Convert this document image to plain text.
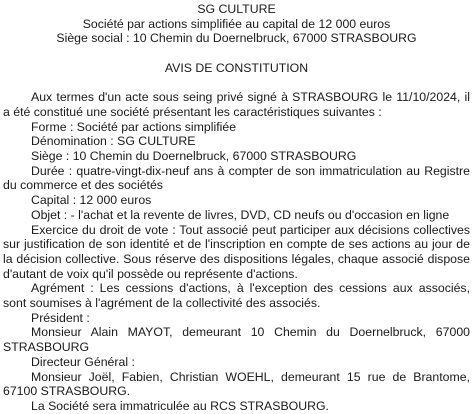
SG CULTURE

Société par actions simplifiée au capital de 12 000 euros

Siège social : 10 Chemin du Doernelbruck, 67000 STRASBOURG

AVIS DE CONSTITUTION

Aux termes d'un acte sous seing privé signé à STRASBOURG le 11/10/2024, il a été constitué une société présentant les caractéristiques suivantes :

Forme : Société par actions simplifiée

Dénomination : SG CULTURE

Siège : 10 Chemin du Doernelbruck, 67000 STRASBOURG

Durée : quatre-vingt-dix-neuf ans à compter de son immatriculation au Registre du commerce et des sociétés

Capital : 12 000 euros

Objet : - l'achat et la revente de livres, DVD, CD neufs ou d'occasion en ligne

Exercice du droit de vote : Tout associé peut participer aux décisions collectives sur justification de son identité et de l'inscription en compte de ses actions au jour de la décision collective. Sous réserve des dispositions légales, chaque associé dispose d'autant de voix qu'il possède ou représente d'actions.

Agrément : Les cessions d'actions, à l'exception des cessions aux associés, sont soumises à l'agrément de la collectivité des associés.

Président :

Monsieur Alain MAYOT, demeurant 10 Chemin du Doernelbruck, 67000 STRASBOURG

Directeur Général :

Monsieur Joël, Fabien, Christian WOEHL, demeurant 15 rue de Brantome, 67100 STRASBOURG.

La Société sera immatriculée au RCS STRASBOURG.
